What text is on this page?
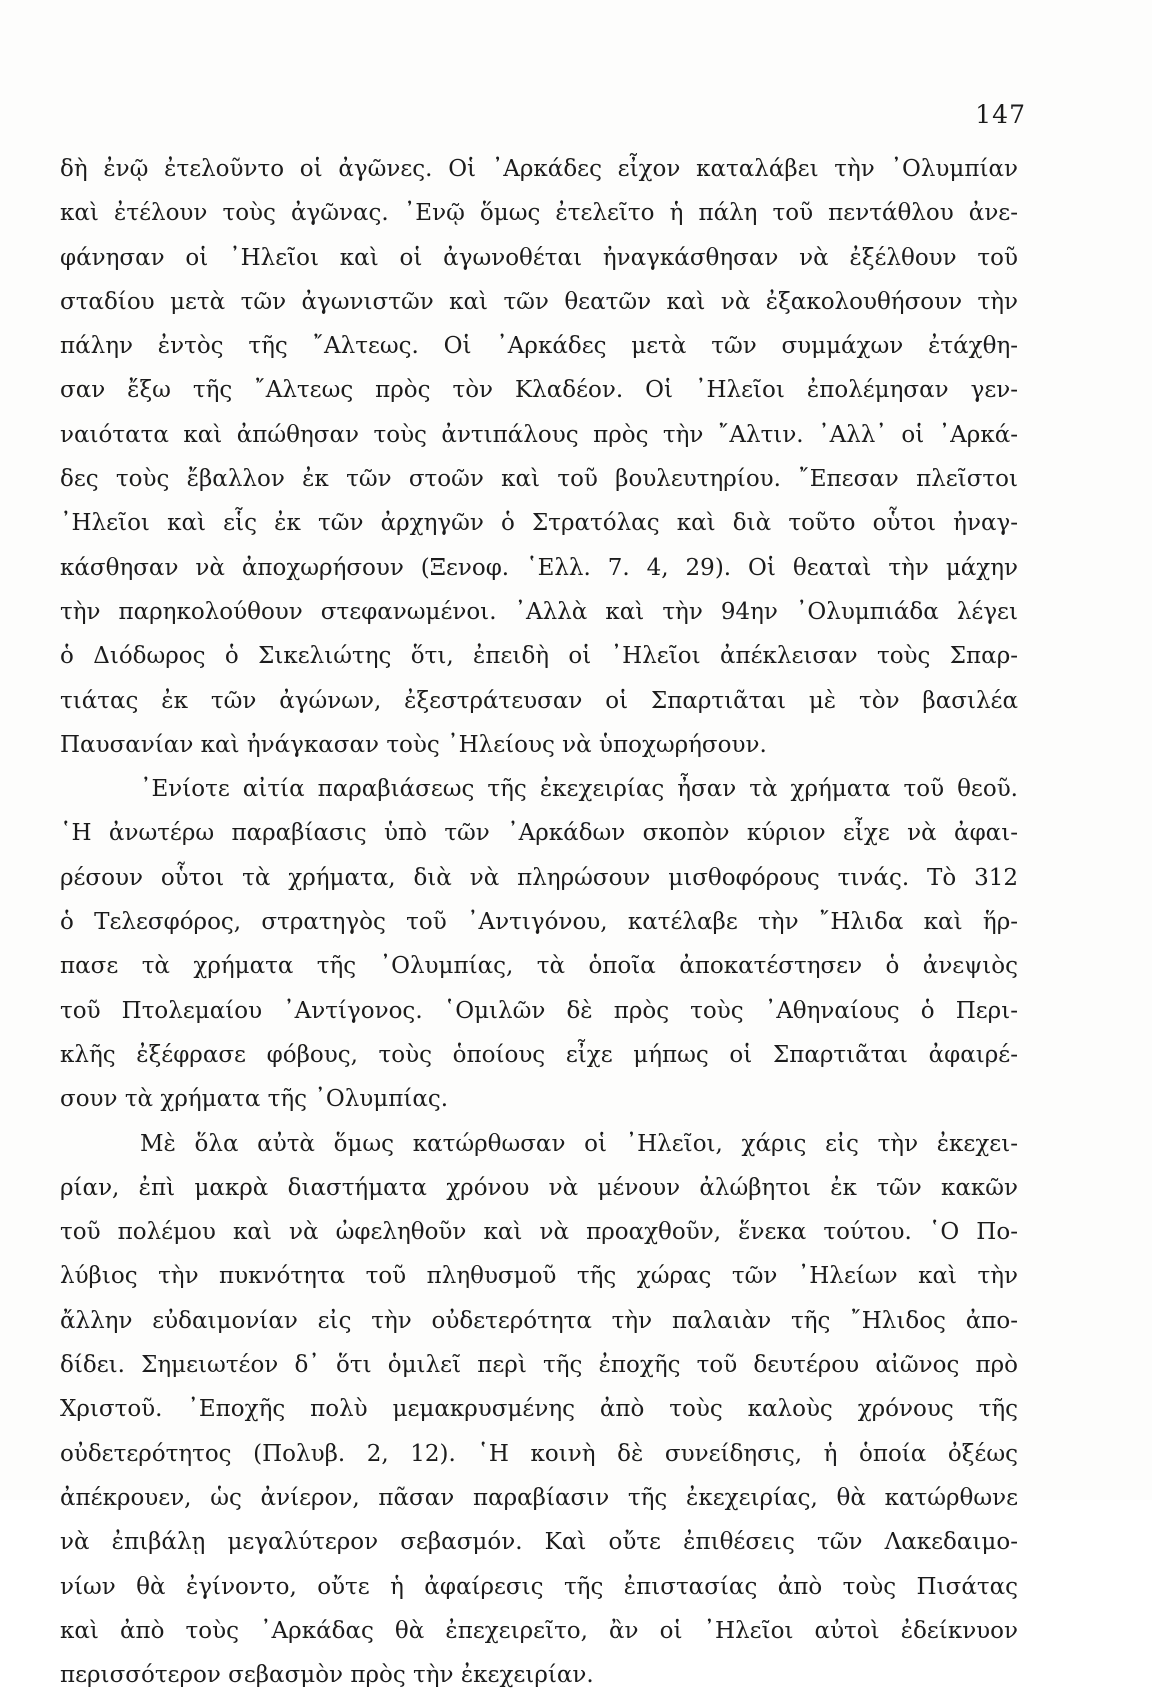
147
δὴ ἐνῷ ἐτελοῦντο οἱ ἀγῶνες. Οἱ ᾽Αρκάδες εἶχον καταλάβει τὴν ᾽Ολυμπίαν
καὶ ἐτέλουν τοὺς ἀγῶνας. ᾽Ενῷ ὅμως ἐτελεῖτο ἡ πάλη τοῦ πεντάθλου ἀνε-
φάνησαν οἱ ᾽Ηλεῖοι καὶ οἱ ἀγωνοθέται ἠναγκάσθησαν νὰ ἐξέλθουν τοῦ
σταδίου μετὰ τῶν ἀγωνιστῶν καὶ τῶν θεατῶν καὶ νὰ ἐξακολουθήσουν τὴν
πάλην ἐντὸς τῆς ῎Αλτεως. Οἱ ᾽Αρκάδες μετὰ τῶν συμμάχων ἐτάχθη-
σαν ἔξω τῆς ῎Αλτεως πρὸς τὸν Κλαδέον. Οἱ ᾽Ηλεῖοι ἐπολέμησαν γεν-
ναιότατα καὶ ἀπώθησαν τοὺς ἀντιπάλους πρὸς τὴν ῎Αλτιν. ᾽Αλλ᾽ οἱ ᾽Αρκά-
δες τοὺς ἔβαλλον ἐκ τῶν στοῶν καὶ τοῦ βουλευτηρίου. ῎Επεσαν πλεῖστοι
᾽Ηλεῖοι καὶ εἷς ἐκ τῶν ἀρχηγῶν ὁ Στρατόλας καὶ διὰ τοῦτο οὗτοι ἠναγ-
κάσθησαν νὰ ἀποχωρήσουν (Ξενοφ. ῾Ελλ. 7. 4, 29). Οἱ θεαταὶ τὴν μάχην
τὴν παρηκολούθουν στεφανωμένοι. ᾽Αλλὰ καὶ τὴν 94ην ᾽Ολυμπιάδα λέγει
ὁ Διόδωρος ὁ Σικελιώτης ὅτι, ἐπειδὴ οἱ ᾽Ηλεῖοι ἀπέκλεισαν τοὺς Σπαρ-
τιάτας ἐκ τῶν ἀγώνων, ἐξεστράτευσαν οἱ Σπαρτιᾶται μὲ τὸν βασιλέα
Παυσανίαν καὶ ἠνάγκασαν τοὺς ᾽Ηλείους νὰ ὑποχωρήσουν.
᾽Ενίοτε αἰτία παραβιάσεως τῆς ἐκεχειρίας ἦσαν τὰ χρήματα τοῦ θεοῦ.
῾Η ἀνωτέρω παραβίασις ὑπὸ τῶν ᾽Αρκάδων σκοπὸν κύριον εἶχε νὰ ἀφαι-
ρέσουν οὗτοι τὰ χρήματα, διὰ νὰ πληρώσουν μισθοφόρους τινάς. Τὸ 312
ὁ Τελεσφόρος, στρατηγὸς τοῦ ᾽Αντιγόνου, κατέλαβε τὴν ῎Ηλιδα καὶ ἥρ-
πασε τὰ χρήματα τῆς ᾽Ολυμπίας, τὰ ὁποῖα ἀποκατέστησεν ὁ ἀνεψιὸς
τοῦ Πτολεμαίου ᾽Αντίγονος. ῾Ομιλῶν δὲ πρὸς τοὺς ᾽Αθηναίους ὁ Περι-
κλῆς ἐξέφρασε φόβους, τοὺς ὁποίους εἶχε μήπως οἱ Σπαρτιᾶται ἀφαιρέ-
σουν τὰ χρήματα τῆς ᾽Ολυμπίας.
Μὲ ὅλα αὐτὰ ὅμως κατώρθωσαν οἱ ᾽Ηλεῖοι, χάρις εἰς τὴν ἐκεχει-
ρίαν, ἐπὶ μακρὰ διαστήματα χρόνου νὰ μένουν ἀλώβητοι ἐκ τῶν κακῶν
τοῦ πολέμου καὶ νὰ ὠφεληθοῦν καὶ νὰ προαχθοῦν, ἕνεκα τούτου. ῾Ο Πο-
λύβιος τὴν πυκνότητα τοῦ πληθυσμοῦ τῆς χώρας τῶν ᾽Ηλείων καὶ τὴν
ἄλλην εὐδαιμονίαν εἰς τὴν οὐδετερότητα τὴν παλαιὰν τῆς ῎Ηλιδος ἀπο-
δίδει. Σημειωτέον δ᾽ ὅτι ὁμιλεῖ περὶ τῆς ἐποχῆς τοῦ δευτέρου αἰῶνος πρὸ
Χριστοῦ. ᾽Εποχῆς πολὺ μεμακρυσμένης ἀπὸ τοὺς καλοὺς χρόνους τῆς
οὐδετερότητος (Πολυβ. 2, 12). ῾Η κοινὴ δὲ συνείδησις, ἡ ὁποία ὀξέως
ἀπέκρουεν, ὡς ἀνίερον, πᾶσαν παραβίασιν τῆς ἐκεχειρίας, θὰ κατώρθωνε
νὰ ἐπιβάλῃ μεγαλύτερον σεβασμόν. Καὶ οὔτε ἐπιθέσεις τῶν Λακεδαιμο-
νίων θὰ ἐγίνοντο, οὔτε ἡ ἀφαίρεσις τῆς ἐπιστασίας ἀπὸ τοὺς Πισάτας
καὶ ἀπὸ τοὺς ᾽Αρκάδας θὰ ἐπεχειρεῖτο, ἂν οἱ ᾽Ηλεῖοι αὐτοὶ ἐδείκνυον
περισσότερον σεβασμὸν πρὸς τὴν ἐκεχειρίαν.
